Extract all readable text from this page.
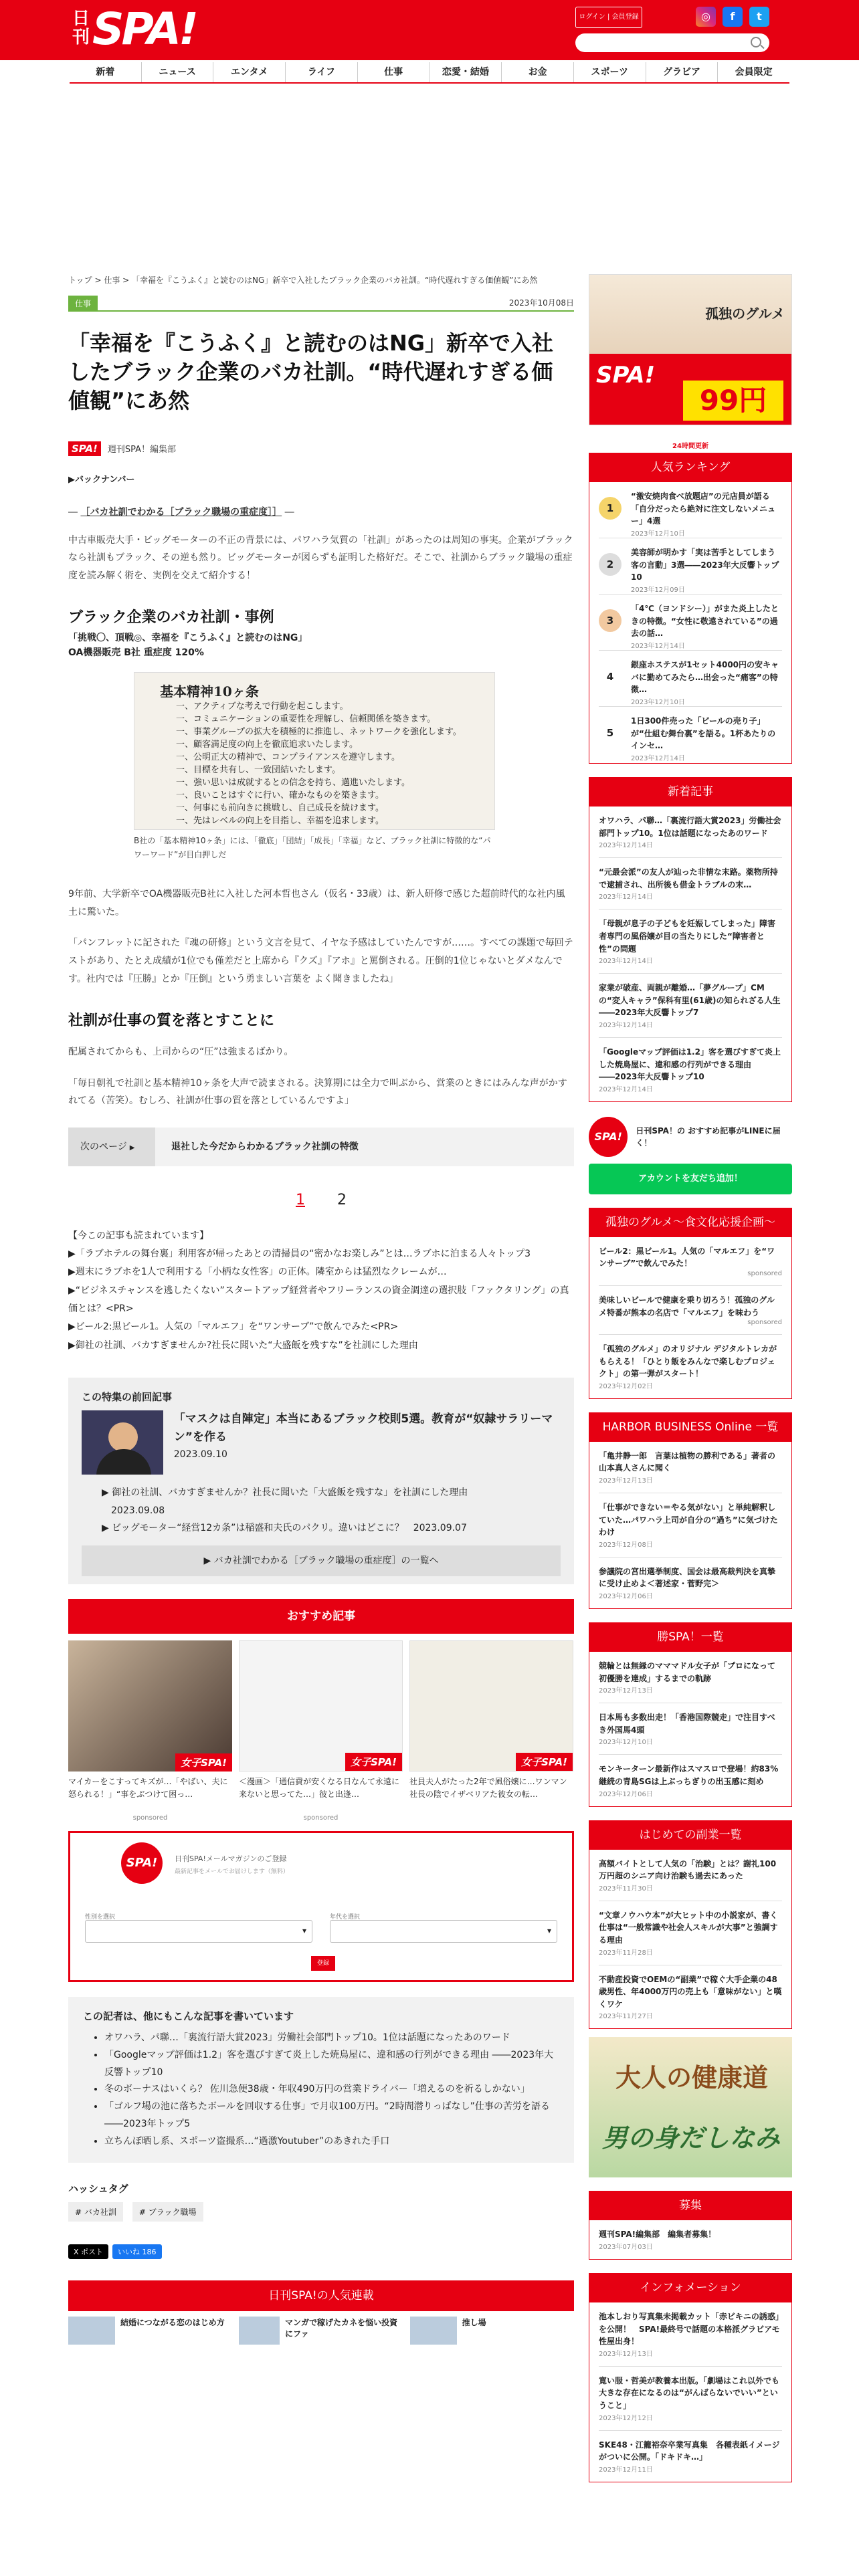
日刊 SPA!	ログイン | 会員登録	◎	f	t
新着	ニュース	エンタメ	ライフ	仕事	恋愛・結婚	お金	スポーツ	グラビア	会員限定
トップ > 仕事 > 「幸福を『こうふく』と読むのはNG」新卒で入社したブラック企業のバカ社訓。“時代遅れすぎる価値観”にあ然
仕事	2023年10月08日
「幸福を『こうふく』と読むのはNG」新卒で入社したブラック企業のバカ社訓。“時代遅れすぎる価値観”にあ然
SPA!	週刊SPA！編集部
▶バックナンバー
― ［バカ社訓でわかる［ブラック職場の重症度］］ ―

中古車販売大手・ビッグモーターの不正の背景には、パワハラ気質の「社訓」があったのは周知の事実。企業がブラックなら社訓もブラック、その逆も然り。ビッグモーターが図らずも証明した格好だ。そこで、社訓からブラック職場の重症度を読み解く術を、実例を交えて紹介する！

ブラック企業のバカ社訓・事例
「挑戦〇、頂戦◎、幸福を『こうふく』と読むのはNG」
OA機器販売 B社 重症度 120%
基本精神10ヶ条
一、アクティブな考えで行動を起こします。
一、コミュニケーションの重要性を理解し、信頼関係を築きます。
一、事業グループの拡大を積極的に推進し、ネットワークを強化します。
一、顧客満足度の向上を徹底追求いたします。
一、公明正大の精神で、コンプライアンスを遵守します。
一、目標を共有し、一致団結いたします。
一、強い思いは成就するとの信念を持ち、邁進いたします。
一、良いことはすぐに行い、確かなものを築きます。
一、何事にも前向きに挑戦し、自己成長を続けます。
一、先はレベルの向上を目指し、幸福を追求します。
B社の「基本精神10ヶ条」には、「徹底」「団結」「成長」「幸福」など、ブラック社訓に特徴的な“パワーワード”が目白押しだ

9年前、大学新卒でOA機器販売B社に入社した河本哲也さん（仮名・33歳）は、新人研修で感じた超前時代的な社内風土に驚いた。

「パンフレットに記された『魂の研修』という文言を見て、イヤな予感はしていたんですが……。すべての課題で毎回テストがあり、たとえ成績が1位でも僅差だと上席から『クズ』『アホ』と罵倒される。圧倒的1位じゃないとダメなんです。社内では『圧勝』とか『圧倒』という勇ましい言葉を よく聞きましたね」

社訓が仕事の質を落とすことに

配属されてからも、上司からの“圧”は強まるばかり。

「毎日朝礼で社訓と基本精神10ヶ条を大声で読まされる。決算期には全力で叫ぶから、営業のときにはみんな声がかすれてる（苦笑）。むしろ、社訓が仕事の質を落としているんですよ」

次のページ ▶	退社した今だからわかるブラック社訓の特徴
1 2
【今この記事も読まれています】
▶「ラブホテルの舞台裏」利用客が帰ったあとの清掃員の“密かなお楽しみ”とは…ラブホに泊まる人々トップ3
▶週末にラブホを1人で利用する「小柄な女性客」の正体。隣室からは猛烈なクレームが…
▶“ビジネスチャンスを逃したくない”スタートアップ経営者やフリーランスの資金調達の選択肢「ファクタリング」の真価とは？<PR>
▶ビール2:黒ビール1。人気の「マルエフ」を“ワンサーブ”で飲んでみた<PR>
▶御社の社訓、バカすぎませんか?社長に聞いた“大盛飯を残すな”を社訓にした理由
この特集の前回記事
「マスクは自陣定」本当にあるブラック校則5選。教育が“奴隷サラリーマン”を作る
2023.09.10
▶ 御社の社訓、バカすぎませんか？社長に聞いた「大盛飯を残すな」を社訓にした理由
　2023.09.08
▶ ビッグモーター“経営12カ条”は稲盛和夫氏のパクリ。違いはどこに？　2023.09.07
▶ バカ社訓でわかる［ブラック職場の重症度］の一覧へ
おすすめ記事
女子SPA!
マイカーをこすってキズが…「やばい、夫に怒られる！」“事をぶつけて困っ…
sponsored
女子SPA!
＜漫画＞「通信費が安くなる日なんて永遠に来ないと思ってた…」彼と出逢…
sponsored
女子SPA!
社員夫人がたった2年で風俗嬢に…ワンマン社長の陰でイザベリアた彼女の転…
SPA!	日刊SPA!メールマガジンのご登録
最新記事をメールでお届けします（無料）
性別を選択	年代を選択
▾
▾
登録
この記者は、他にもこんな記事を書いています
• オワハラ、パ聯…「裏流行語大賞2023」労働社会部門トップ10。1位は話題になったあのワード
• 「Googleマップ評価は1.2」客を選びすぎて炎上した焼鳥屋に、違和感の行列ができる理由 ――2023年大反響トップ10
• 冬のボーナスはいくら？ 佐川急便38歳・年収490万円の営業ドライバー「増えるのを祈るしかない」
• 「ゴルフ場の池に落ちたボールを回収する仕事」で月収100万円。“2時間潜りっぱなし”仕事の苦労を語る――2023年トップ5
• 立ちんぼ晒し系、スポーツ盗撮系…“過激Youtuber”のあきれた手口
ハッシュタグ
# バカ社訓	# ブラック職場
X ポスト	いいね 186
日刊SPA!の人気連載
結婚につながる恋のはじめ方	マンガで稼げたカネを悩い投資にファ
推し場
孤独のグルメ
SPA!
99円
24時間更新
人気ランキング
1
“激安焼肉食べ放題店”の元店員が語る「自分だったら絶対に注文しないメニュー」4選
2023年12月10日
2
美容師が明かす「実は苦手としてしまう客の言動」3選――2023年大反響トップ10
2023年12月09日
3
「4℃（ヨンドシー）」がまた炎上したときの特徴。“女性に敬遠されている”の過去の話…
2023年12月14日
4
銀座ホステスが1セット4000円の安キャバに勤めてみたら…出会った“痛客”の特徴…
2023年12月10日
5
1日300件売った「ビールの売り子」が“仕組む舞台裏”を語る。1杯あたりのインセ…
2023年12月14日
新着記事
オワハラ、パ聯…「裏流行語大賞2023」労働社会部門トップ10。1位は話題になったあのワード
2023年12月14日
“元最会派”の友人が辿った非情な末路。薬物所持で逮捕され、出所後も借金トラブルの末…
2023年12月14日
「母親が息子の子どもを妊娠してしまった」障害者専門の風俗嬢が目の当たりにした“障害者と性”の問題
2023年12月14日
家業が破産、両親が離婚…「夢グループ」CMの“変人キャラ”保科有里(61歳)の知られざる人生――2023年大反響トップ7
2023年12月14日
「Googleマップ評価は1.2」客を選びすぎて炎上した焼鳥屋に、違和感の行列ができる理由――2023年大反響トップ10
2023年12月14日
SPA!	日刊SPA！の おすすめ記事がLINEに届く！
アカウントを友だち追加！
孤独のグルメ～食文化応援企画～
ビール2：黒ビール1。人気の「マルエフ」を“ワンサーブ”で飲んでみた！
sponsored
美味しいビールで健康を乗り切ろう！孤独のグルメ特番が熊本の名店で「マルエフ」を味わう
sponsored
「孤独のグルメ」のオリジナル デジタルトレカがもらえる！「ひとり飯をみんなで楽しむプロジェクト」の第一弾がスタート！
2023年12月02日
HARBOR BUSINESS Online 一覧
「亀井静一郎　言葉は植物の勝利である」著者の山本真人さんに聞く
2023年12月13日
「仕事ができない＝やる気がない」と単純解釈していた…パワハラ上司が自分の“過ち”に気づけたわけ
2023年12月08日
参議院の宮出選挙制度、国会は最高裁判決を真摯に受け止めよ＜著述家・菅野完＞
2023年12月06日
勝SPA！一覧
競輪とは無縁のマママドル女子が「プロになって初優勝を達成」するまでの軌跡
2023年12月13日
日本馬も多数出走！「香港国際競走」で注目すべき外国馬4頭
2023年12月10日
モンキーターン最新作はスマスロで登場！約83%継続の青島SGは上ぶっちぎりの出玉感に刻め
2023年12月06日
はじめての副業一覧
高額バイトとして人気の「治験」とは？謝礼100万円超のシニア向け治験も過去にあった
2023年11月30日
“文章ノウハウ本”が大ヒット中の小説家が、書く仕事は“一般常識や社会人スキルが大事”と強調する理由
2023年11月28日
不動産投資でOEMの“副業”で稼ぐ大手企業の48歳男性、年4000万円の売上も「意味がない」と嘆くワケ
2023年11月27日
大人の健康道
男の身だしなみ
募集
週刊SPA!編集部　編集者募集！
2023年07月03日
インフォメーション
池本しおり写真集未掲載カット「赤ビキニの誘惑」を公開！　SPA!最終号で話題の本格派グラビアモ性屋出身！
2023年12月13日
寛い服・哲美が教養本出版。「劇場はこれ以外でも大きな存在になるのは“がんばらないでいい”ということ」
2023年12月12日
SKE48・江籠裕奈卒業写真集　各種表紙イメージがついに公開。「ドキドキ…」
2023年12月11日
